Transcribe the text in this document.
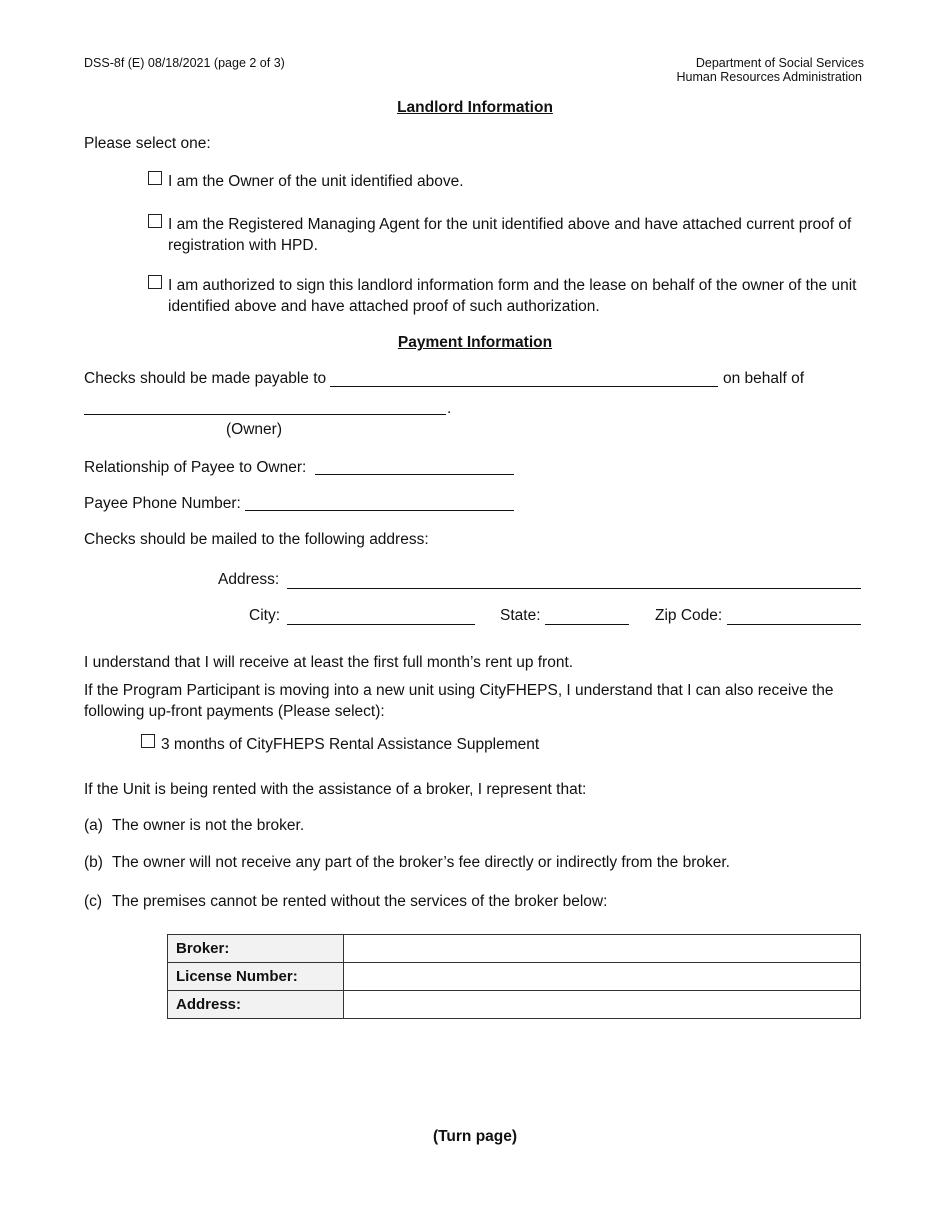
DSS-8f (E) 08/18/2021 (page 2 of 3)	Department of Social Services
Human Resources Administration
Landlord Information
Please select one:
I am the Owner of the unit identified above.
I am the Registered Managing Agent for the unit identified above and have attached current proof of registration with HPD.
I am authorized to sign this landlord information form and the lease on behalf of the owner of the unit identified above and have attached proof of such authorization.
Payment Information
Checks should be made payable to	on behalf of
.
(Owner)
Relationship of Payee to Owner:
Payee Phone Number:
Checks should be mailed to the following address:
Address:
City:	State:	Zip Code:
I understand that I will receive at least the first full month’s rent up front.
If the Program Participant is moving into a new unit using CityFHEPS, I understand that I can also receive the following up-front payments (Please select):
3 months of CityFHEPS Rental Assistance Supplement
If the Unit is being rented with the assistance of a broker, I represent that:
(a) The owner is not the broker.
(b) The owner will not receive any part of the broker’s fee directly or indirectly from the broker.
(c) The premises cannot be rented without the services of the broker below:
Broker:	
License Number:	
Address:	
(Turn page)
